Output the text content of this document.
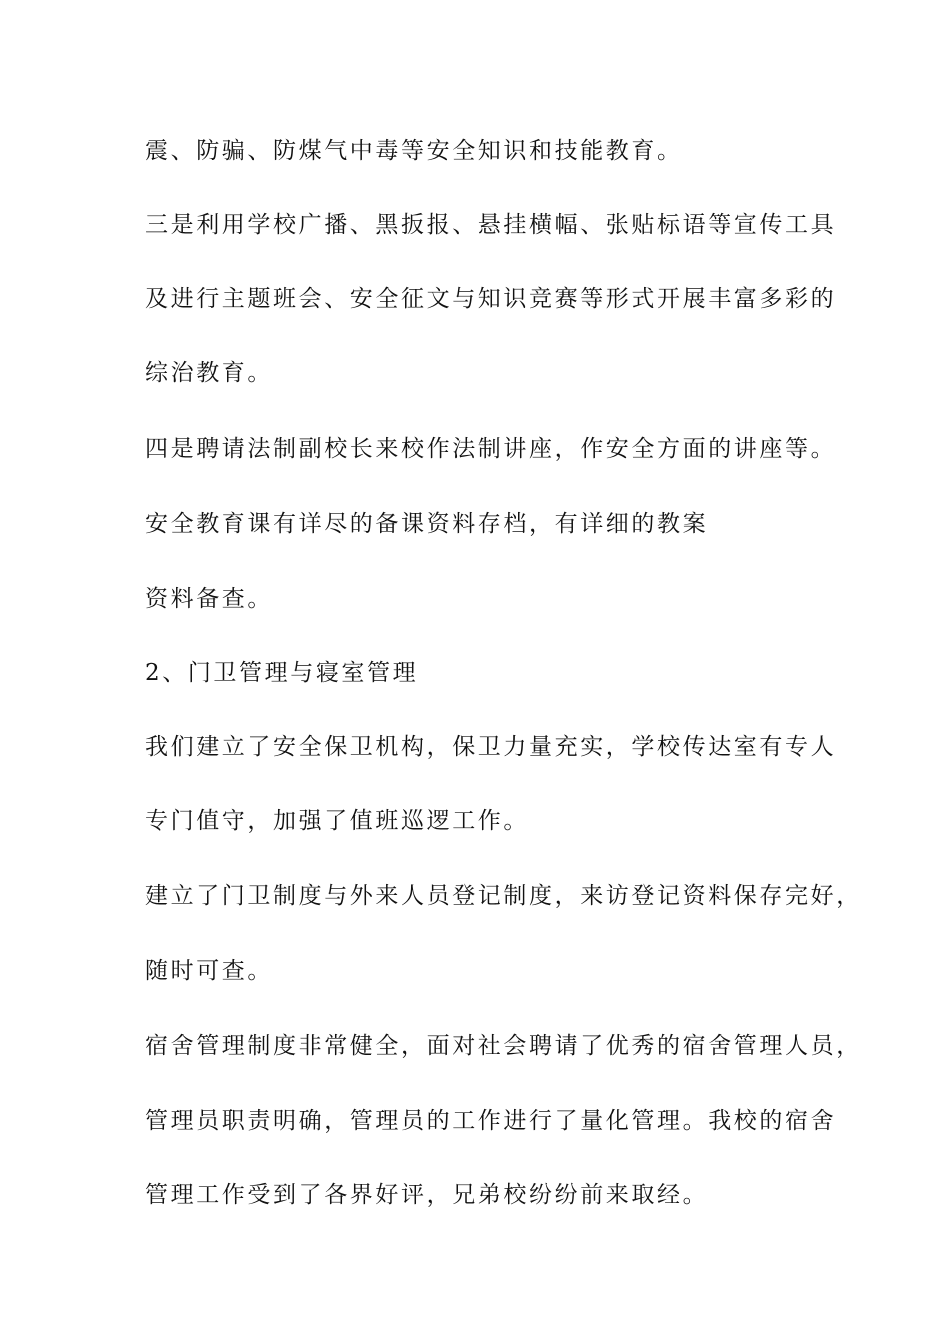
震、防骗、防煤气中毒等安全知识和技能教育。
三是利用学校广播、黑扳报、悬挂横幅、张贴标语等宣传工具
及进行主题班会、安全征文与知识竞赛等形式开展丰富多彩的
综治教育。
四是聘请法制副校长来校作法制讲座，作安全方面的讲座等。
安全教育课有详尽的备课资料存档，有详细的教案
资料备查。
2、门卫管理与寝室管理
我们建立了安全保卫机构，保卫力量充实，学校传达室有专人
专门值守，加强了值班巡逻工作。
建立了门卫制度与外来人员登记制度，来访登记资料保存完好，
随时可查。
宿舍管理制度非常健全，面对社会聘请了优秀的宿舍管理人员，
管理员职责明确，管理员的工作进行了量化管理。我校的宿舍
管理工作受到了各界好评，兄弟校纷纷前来取经。
